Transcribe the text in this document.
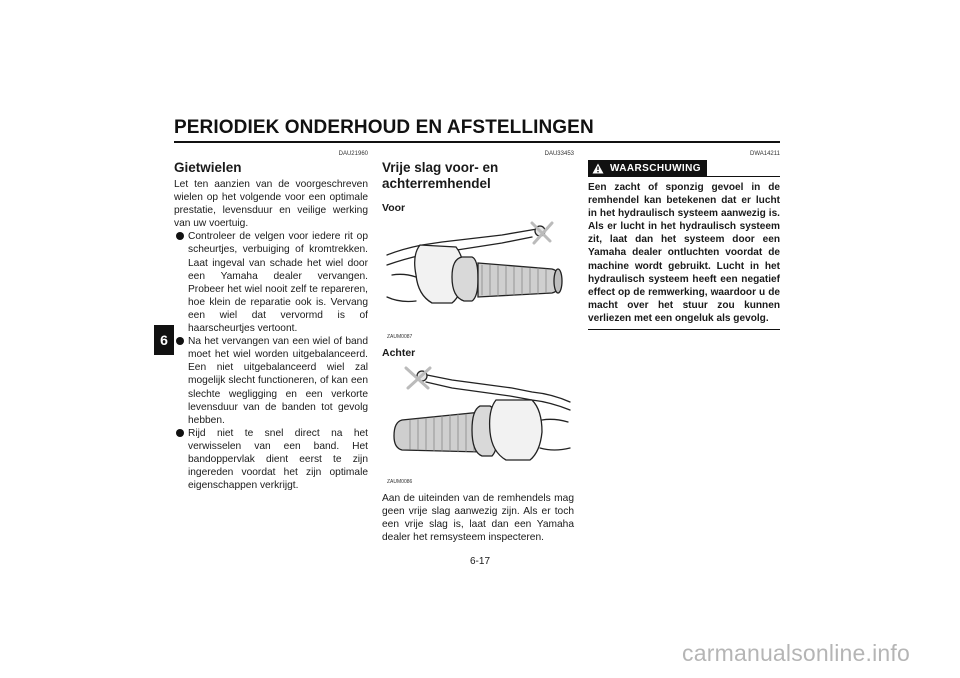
PERIODIEK ONDERHOUD EN AFSTELLINGEN
6
DAU21960
Gietwielen

Let ten aanzien van de voorgeschreven wielen op het volgende voor een optimale prestatie, levensduur en veilige werking van uw voertuig.

Controleer de velgen voor iedere rit op scheurtjes, verbuiging of kromtrekken. Laat ingeval van schade het wiel door een Yamaha dealer vervangen. Probeer het wiel nooit zelf te repareren, hoe klein de reparatie ook is. Vervang een wiel dat vervormd is of haarscheurtjes vertoont.
Na het vervangen van een wiel of band moet het wiel worden uitgebalanceerd. Een niet uitgebalanceerd wiel zal mogelijk slecht functioneren, of kan een slechte wegligging en een verkorte levensduur van de banden tot gevolg hebben.
Rijd niet te snel direct na het verwisselen van een band. Het bandoppervlak dient eerst te zijn ingereden voordat het zijn optimale eigenschappen verkrijgt.
DAU33453
Vrije slag voor- en achterremhendel

Voor

ZAUM0087

Achter

ZAUM0086

Aan de uiteinden van de remhendels mag geen vrije slag aanwezig zijn. Als er toch een vrije slag is, laat dan een Yamaha dealer het remsysteem inspecteren.

DWA14211
WAARSCHUWING

Een zacht of sponzig gevoel in de remhendel kan betekenen dat er lucht in het hydraulisch systeem aanwezig is. Als er lucht in het hydraulisch systeem zit, laat dan het systeem door een Yamaha dealer ontluchten voordat de machine wordt gebruikt. Lucht in het hydraulisch systeem heeft een negatief effect op de remwerking, waardoor u de macht over het stuur zou kunnen verliezen met een ongeluk als gevolg.

6-17
carmanualsonline.info
